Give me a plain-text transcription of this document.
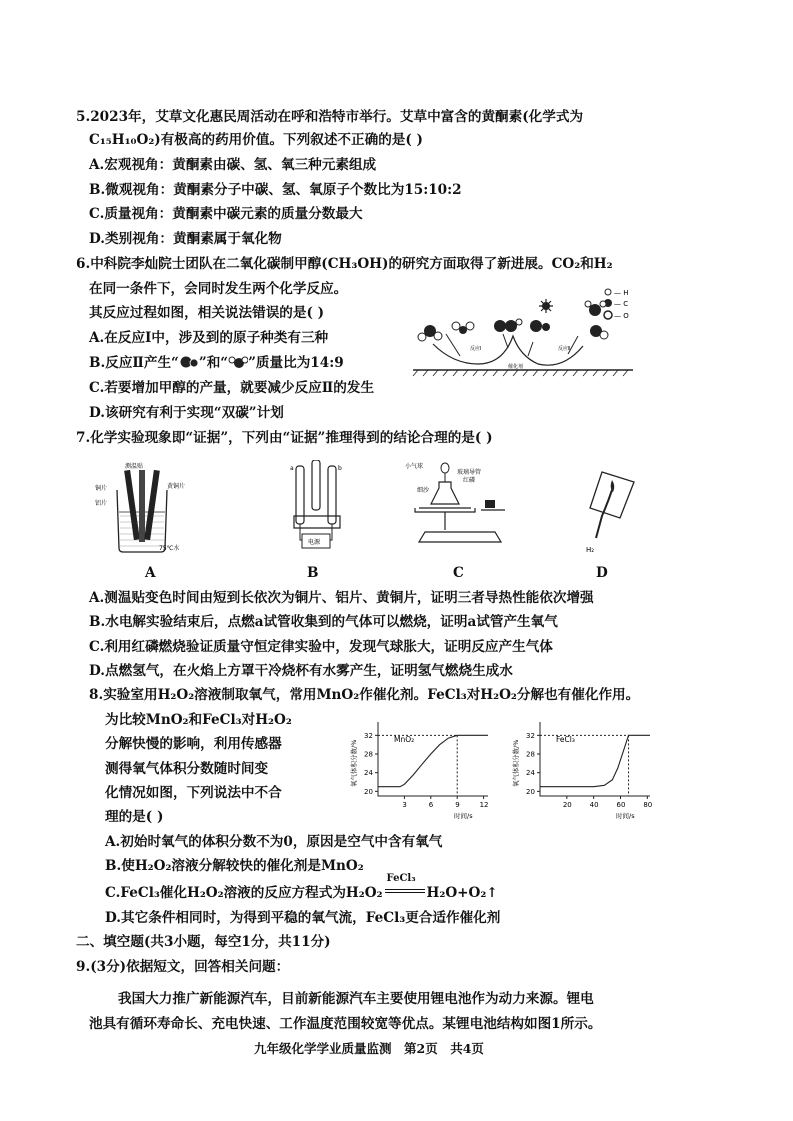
5.2023年，艾草文化惠民周活动在呼和浩特市举行。艾草中富含的黄酮素(化学式为
C₁₅H₁₀O₂)有极高的药用价值。下列叙述不正确的是( )
A.宏观视角：黄酮素由碳、氢、氧三种元素组成
B.微观视角：黄酮素分子中碳、氢、氧原子个数比为15:10:2
C.质量视角：黄酮素中碳元素的质量分数最大
D.类别视角：黄酮素属于氧化物
6.中科院李灿院士团队在二氧化碳制甲醇(CH₃OH)的研究方面取得了新进展。CO₂和H₂
在同一条件下，会同时发生两个化学反应。
其反应过程如图，相关说法错误的是( )
A.在反应Ⅰ中，涉及到的原子种类有三种
B.反应Ⅱ产生“ ”和“ ”质量比为14:9
C.若要增加甲醇的产量，就要减少反应Ⅱ的发生
D.该研究有利于实现“双碳”计划
— H
— C
— O
催化剂
反应Ⅰ	反应Ⅱ
7.化学实验现象即“证据”，下列由“证据”推理得到的结论合理的是( )
测温贴
铜片
铝片
黄铜片
75℃水
a	b
电源
小气球
玻璃导管
红磷
细沙
H₂
A	B	C	D
A.测温贴变色时间由短到长依次为铜片、铝片、黄铜片，证明三者导热性能依次增强
B.水电解实验结束后，点燃a试管收集到的气体可以燃烧，证明a试管产生氧气
C.利用红磷燃烧验证质量守恒定律实验中，发现气球胀大，证明反应产生气体
D.点燃氢气，在火焰上方罩干冷烧杯有水雾产生，证明氢气燃烧生成水
8.实验室用H₂O₂溶液制取氧气，常用MnO₂作催化剂。FeCl₃对H₂O₂分解也有催化作用。
为比较MnO₂和FeCl₃对H₂O₂
分解快慢的影响，利用传感器
测得氧气体积分数随时间变
化情况如图，下列说法中不合
理的是( )
氧气体积分数/%
时间/s
20
24
28
32
3	6	9	12
MnO₂
氧气体积分数/%
时间/s
20
24
28
32
20	40	60	80
FeCl₃
A.初始时氧气的体积分数不为0，原因是空气中含有氧气
B.使H₂O₂溶液分解较快的催化剂是MnO₂
C.FeCl₃催化H₂O₂溶液的反应方程式为H₂O₂
FeCl₃
H₂O+O₂↑
D.其它条件相同时，为得到平稳的氧气流，FeCl₃更合适作催化剂
二、填空题(共3小题，每空1分，共11分)
9.(3分)依据短文，回答相关问题：
我国大力推广新能源汽车，目前新能源汽车主要使用锂电池作为动力来源。锂电
池具有循环寿命长、充电快速、工作温度范围较宽等优点。某锂电池结构如图1所示。
九年级化学学业质量监测　第2页　共4页
